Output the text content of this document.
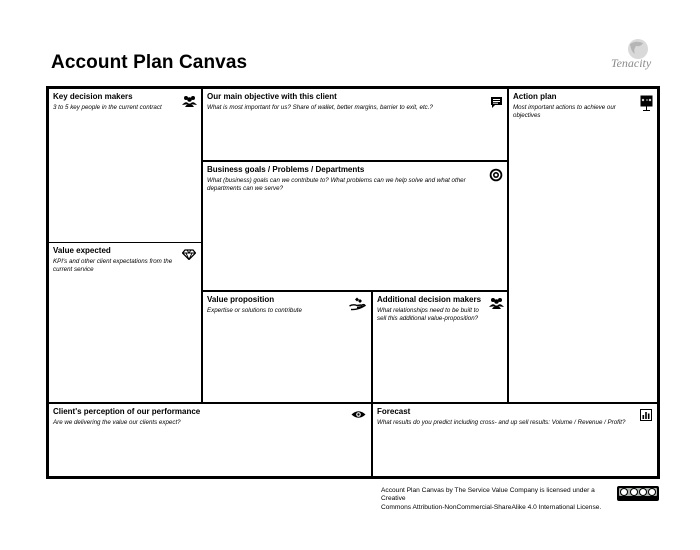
Account Plan Canvas	Tenacity
Key decision makers
3 to 5 key people in the current contract
Value expected
KPI's and other client expectations from the current service
Our main objective with this client
What is most important for us? Share of wallet, better margins, barrier to exit, etc.?
Business goals / Problems / Departments
What (business) goals can we contribute to? What problems can we help solve and what other departments can we serve?
Value proposition
Expertise or solutions to contribute
Additional decision makers
What relationships need to be built to sell this additional value-proposition?
Action plan
Most important actions to achieve our objectives
Client's perception of our performance
Are we delivering the value our clients expect?
Forecast
What results do you predict including cross- and up sell results: Volume / Revenue / Profit?
Account Plan Canvas by The Service Value Company is licensed under a Creative
Commons Attribution-NonCommercial-ShareAlike 4.0 International License.
